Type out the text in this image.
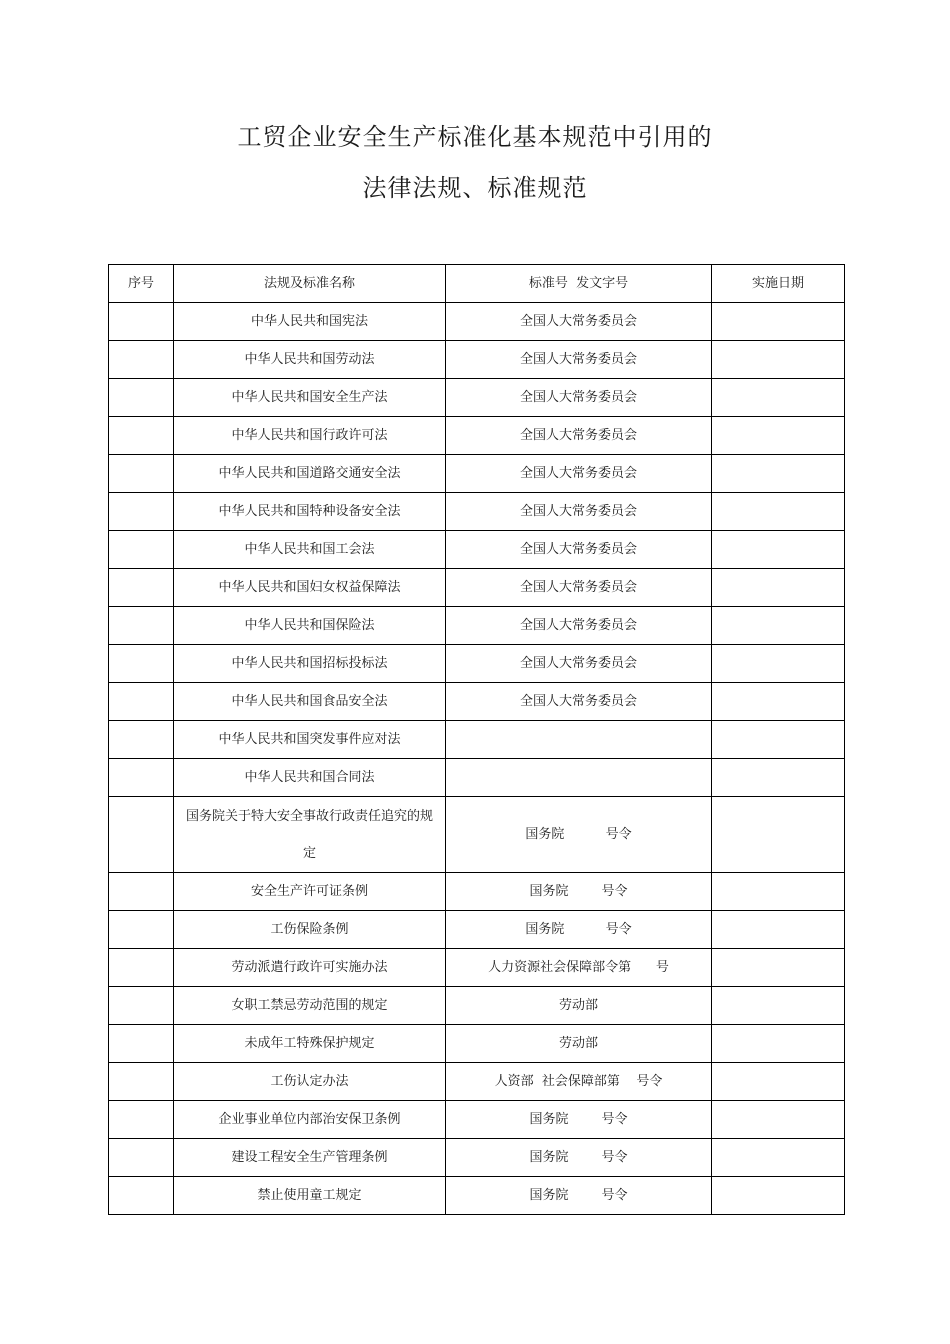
工贸企业安全生产标准化基本规范中引用的
法律法规、标准规范
序号	法规及标准名称	标准号  发文字号	实施日期
	中华人民共和国宪法	全国人大常务委员会	
	中华人民共和国劳动法	全国人大常务委员会	
	中华人民共和国安全生产法	全国人大常务委员会	
	中华人民共和国行政许可法	全国人大常务委员会	
	中华人民共和国道路交通安全法	全国人大常务委员会	
	中华人民共和国特种设备安全法	全国人大常务委员会	
	中华人民共和国工会法	全国人大常务委员会	
	中华人民共和国妇女权益保障法	全国人大常务委员会	
	中华人民共和国保险法	全国人大常务委员会	
	中华人民共和国招标投标法	全国人大常务委员会	
	中华人民共和国食品安全法	全国人大常务委员会	
	中华人民共和国突发事件应对法		
	中华人民共和国合同法		
	国务院关于特大安全事故行政责任追究的规定	国务院          号令	
	安全生产许可证条例	国务院        号令	
	工伤保险条例	国务院          号令	
	劳动派遣行政许可实施办法	人力资源社会保障部令第      号	
	女职工禁忌劳动范围的规定	劳动部	
	未成年工特殊保护规定	劳动部	
	工伤认定办法	人资部  社会保障部第    号令	
	企业事业单位内部治安保卫条例	国务院        号令	
	建设工程安全生产管理条例	国务院        号令	
	禁止使用童工规定	国务院        号令	
